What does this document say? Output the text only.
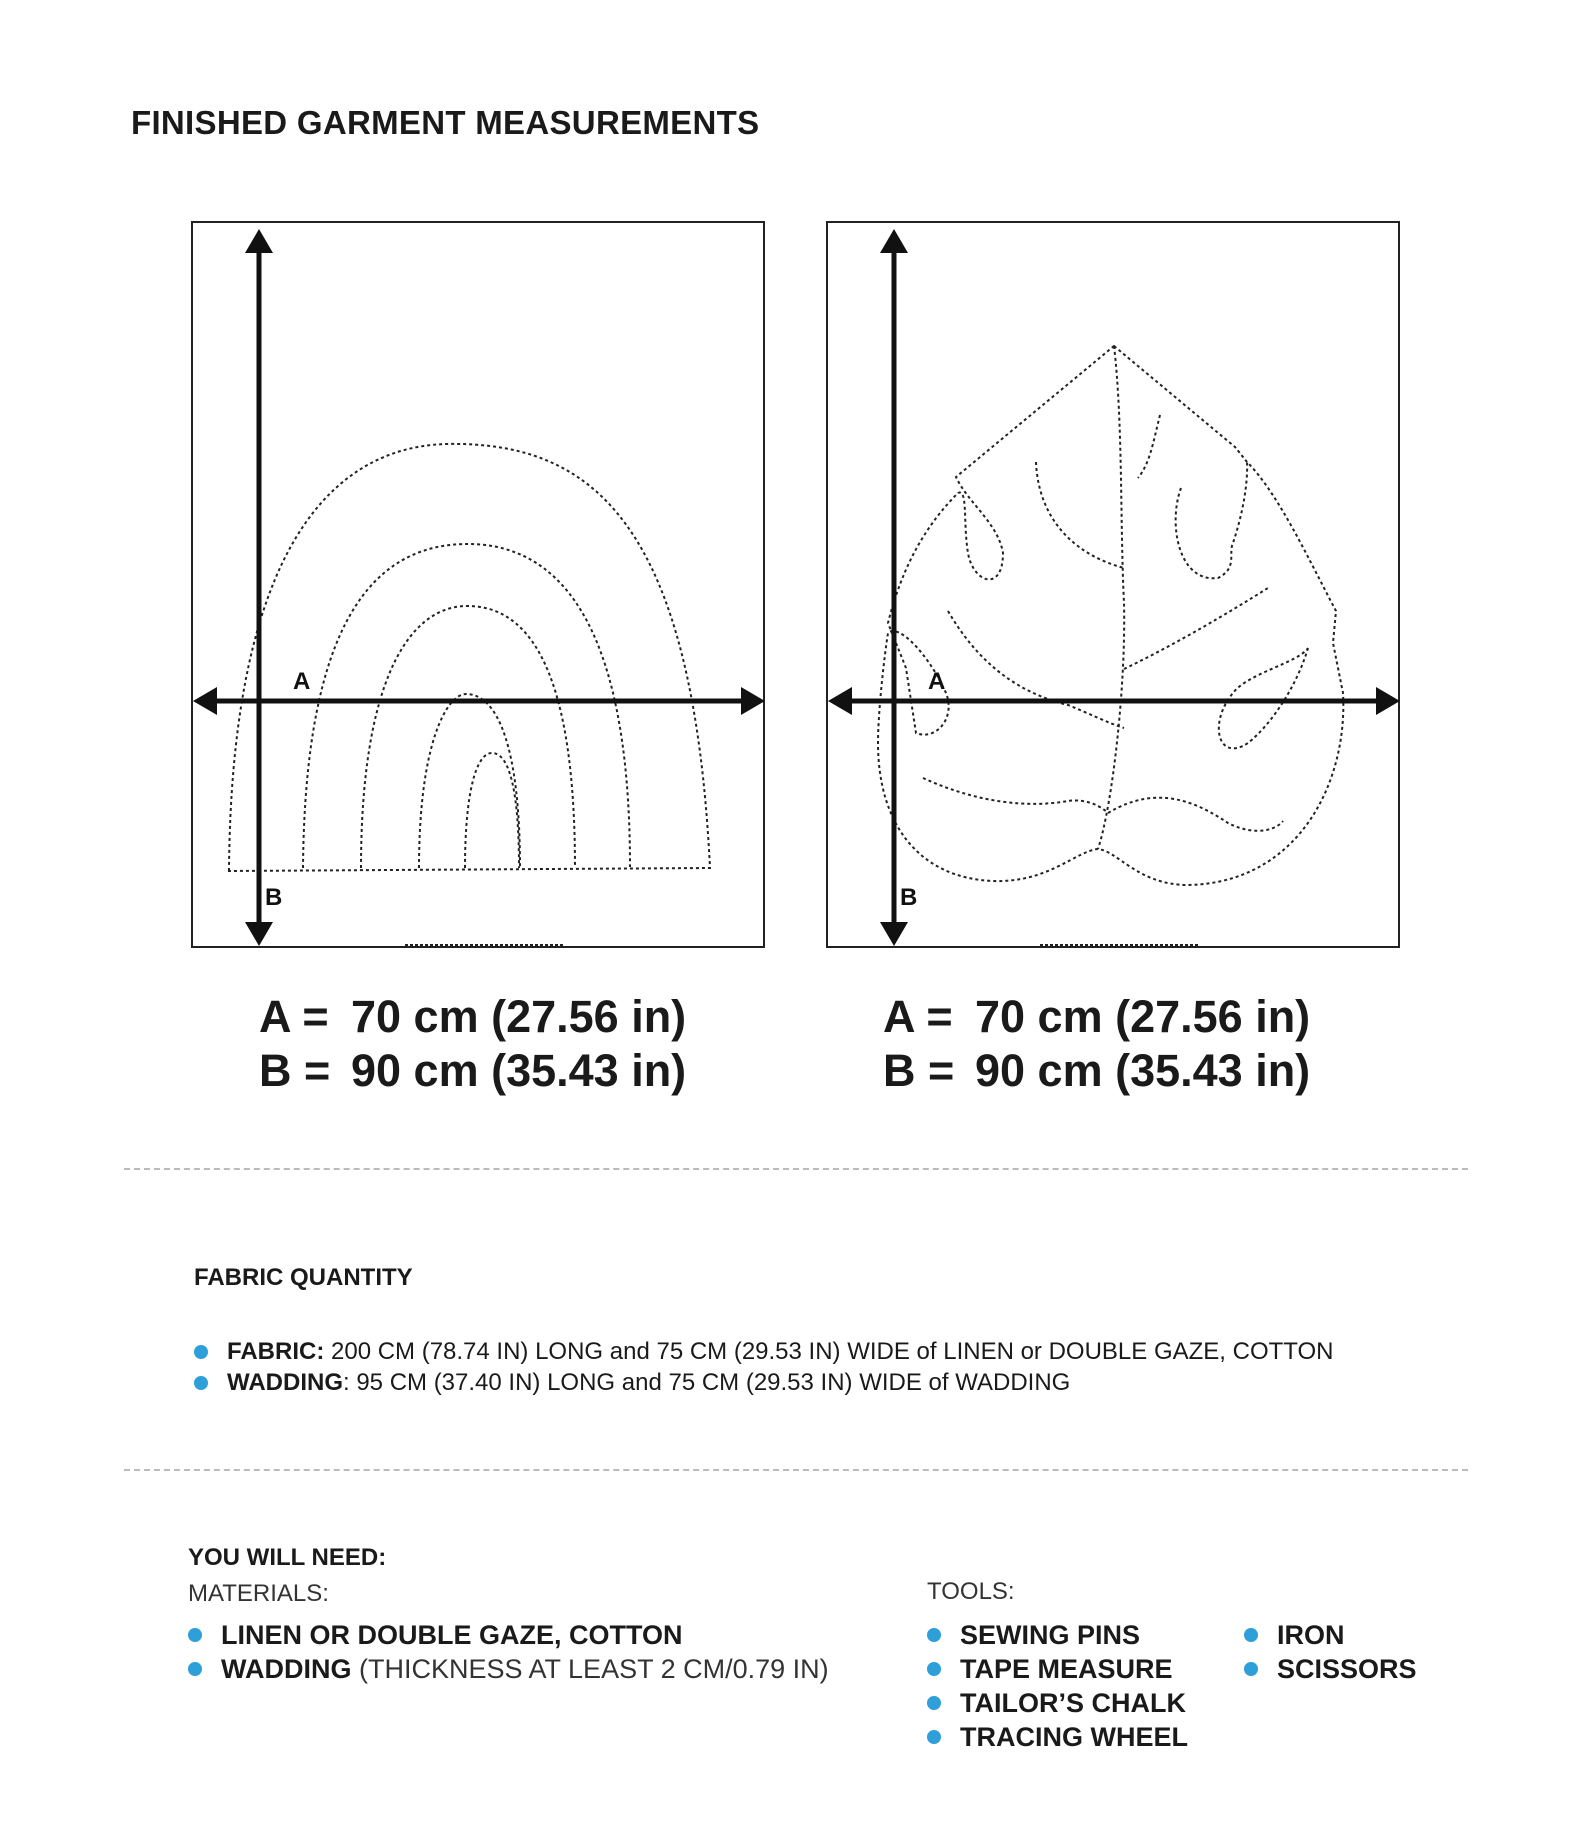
FINISHED GARMENT MEASUREMENTS
A
B
A
B
A = 70 cm (27.56 in)
B = 90 cm (35.43 in)
A = 70 cm (27.56 in)
B = 90 cm (35.43 in)
FABRIC QUANTITY
FABRIC: 200 CM (78.74 IN) LONG and 75 CM (29.53 IN) WIDE of LINEN or DOUBLE GAZE, COTTON
WADDING: 95 CM (37.40 IN) LONG and 75 CM (29.53 IN) WIDE of WADDING
YOU WILL NEED:
MATERIALS:
LINEN OR DOUBLE GAZE, COTTON
WADDING (THICKNESS AT LEAST 2 CM/0.79 IN)
TOOLS:
SEWING PINS
TAPE MEASURE
TAILOR’S CHALK
TRACING WHEEL
IRON
SCISSORS
